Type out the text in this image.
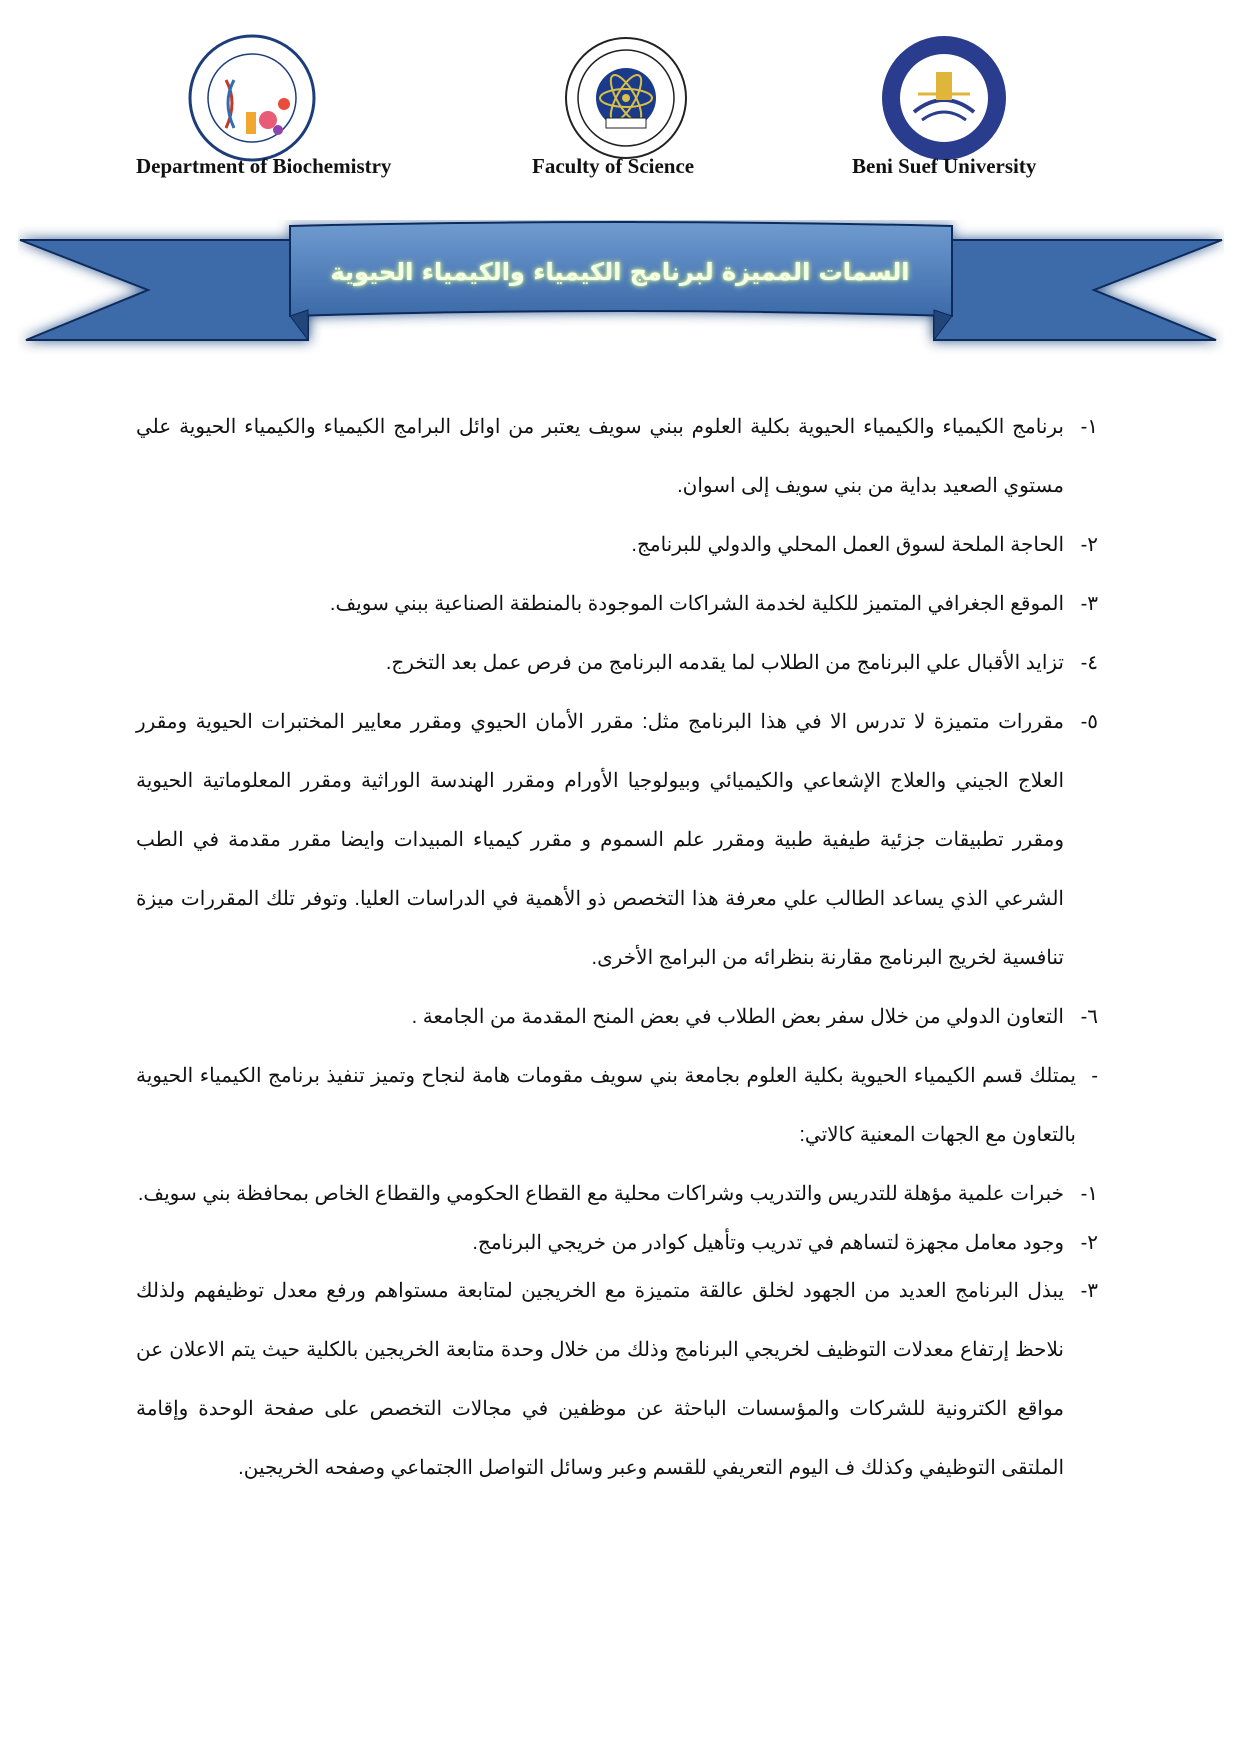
Department of Biochemistry	Faculty of Science	Beni Suef University
السمات المميزة لبرنامج الكيمياء والكيمياء الحيوية

١-
برنامج الكيمياء والكيمياء الحيوية بكلية العلوم ببني سويف يعتبر من اوائل البرامج الكيمياء والكيمياء الحيوية علي مستوي الصعيد بداية من بني سويف إلى اسوان.

٢-
الحاجة الملحة لسوق العمل المحلي والدولي للبرنامج.

٣-
الموقع الجغرافي المتميز للكلية لخدمة الشراكات الموجودة بالمنطقة الصناعية ببني سويف.

٤-
تزايد الأقبال علي البرنامج من الطلاب لما يقدمه البرنامج من فرص عمل بعد التخرج.

٥-
مقررات متميزة لا تدرس الا في هذا البرنامج مثل: مقرر الأمان الحيوي ومقرر معايير المختبرات الحيوية ومقرر العلاج الجيني والعلاج الإشعاعي والكيميائي وبيولوجيا الأورام ومقرر الهندسة الوراثية ومقرر المعلوماتية الحيوية ومقرر تطبيقات جزئية طيفية طبية ومقرر علم السموم و مقرر كيمياء المبيدات وايضا مقرر مقدمة في الطب الشرعي الذي يساعد الطالب علي معرفة هذا التخصص ذو الأهمية في الدراسات العليا. وتوفر تلك المقررات ميزة تنافسية لخريج البرنامج مقارنة بنظرائه من البرامج الأخرى.

٦-
التعاون الدولي من خلال سفر بعض الطلاب في بعض المنح المقدمة من الجامعة .

-
يمتلك قسم الكيمياء الحيوية بكلية العلوم بجامعة بني سويف مقومات هامة لنجاح وتميز تنفيذ برنامج الكيمياء الحيوية بالتعاون مع الجهات المعنية كالاتي:

١-
خبرات علمية مؤهلة للتدريس والتدريب وشراكات محلية مع القطاع الحكومي والقطاع الخاص بمحافظة بني سويف.

٢-
وجود معامل مجهزة لتساهم في تدريب وتأهيل كوادر من خريجي البرنامج.

٣-
يبذل البرنامج العديد من الجهود لخلق عالقة متميزة مع الخريجين لمتابعة مستواهم ورفع معدل توظيفهم ولذلك نلاحظ إرتفاع معدلات التوظيف لخريجي البرنامج وذلك من خلال وحدة متابعة الخريجين بالكلية حيث يتم الاعلان عن مواقع الكترونية للشركات والمؤسسات الباحثة عن موظفين في مجالات التخصص على صفحة الوحدة وإقامة الملتقى التوظيفي وكذلك ف اليوم التعريفي للقسم وعبر وسائل التواصل االجتماعي وصفحه الخريجين.
